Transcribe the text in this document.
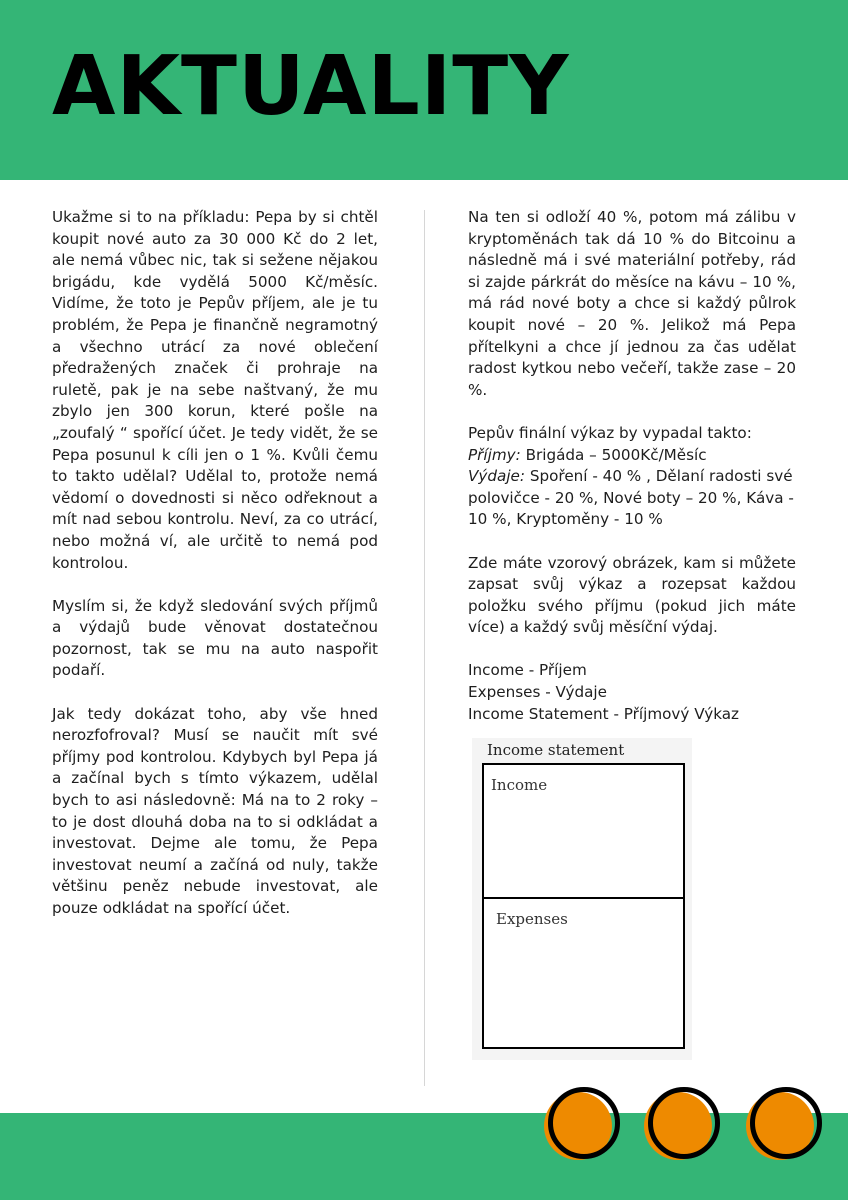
AKTUALITY

Ukažme si to na příkladu: Pepa by si chtěl koupit nové auto za 30 000 Kč do 2 let, ale nemá vůbec nic, tak si sežene nějakou brigádu, kde vydělá 5000 Kč/měsíc. Vidíme, že toto je Pepův příjem, ale je tu problém, že Pepa je finančně negramotný a všechno utrácí za nové oblečení předražených značek či prohraje na ruletě, pak je na sebe naštvaný, že mu zbylo jen 300 korun, které pošle na „zoufalý “ spořící účet. Je tedy vidět, že se Pepa posunul k cíli jen o 1 %. Kvůli čemu to takto udělal? Udělal to, protože nemá vědomí o dovednosti si něco odřeknout a mít nad sebou kontrolu. Neví, za co utrácí, nebo možná ví, ale určitě to nemá pod kontrolou.

Myslím si, že když sledování svých příjmů a výdajů bude věnovat dostatečnou pozornost, tak se mu na auto naspořit podaří.

Jak tedy dokázat toho, aby vše hned nerozfofroval? Musí se naučit mít své příjmy pod kontrolou. Kdybych byl Pepa já a začínal bych s tímto výkazem, udělal bych to asi následovně: Má na to 2 roky – to je dost dlouhá doba na to si odkládat a investovat. Dejme ale tomu, že Pepa investovat neumí a začíná od nuly, takže většinu peněz nebude investovat, ale pouze odkládat na spořící účet.

Na ten si odloží 40 %, potom má zálibu v kryptoměnách tak dá 10 % do Bitcoinu a následně má i své materiální potřeby, rád si zajde párkrát do měsíce na kávu – 10 %, má rád nové boty a chce si každý půlrok koupit nové – 20 %. Jelikož má Pepa přítelkyni a chce jí jednou za čas udělat radost kytkou nebo večeří, takže zase – 20 %.

Pepův finální výkaz by vypadal takto:
Příjmy: Brigáda – 5000Kč/Měsíc
Výdaje: Spoření - 40 % , Dělaní radosti své polovičce - 20 %, Nové boty – 20 %, Káva - 10 %, Kryptoměny - 10 %

Zde máte vzorový obrázek, kam si můžete zapsat svůj výkaz a rozepsat každou položku svého příjmu (pokud jich máte více) a každý svůj měsíční výdaj.

Income - Příjem
Expenses - Výdaje
Income Statement - Příjmový Výkaz

Income statement
Income
Expenses
